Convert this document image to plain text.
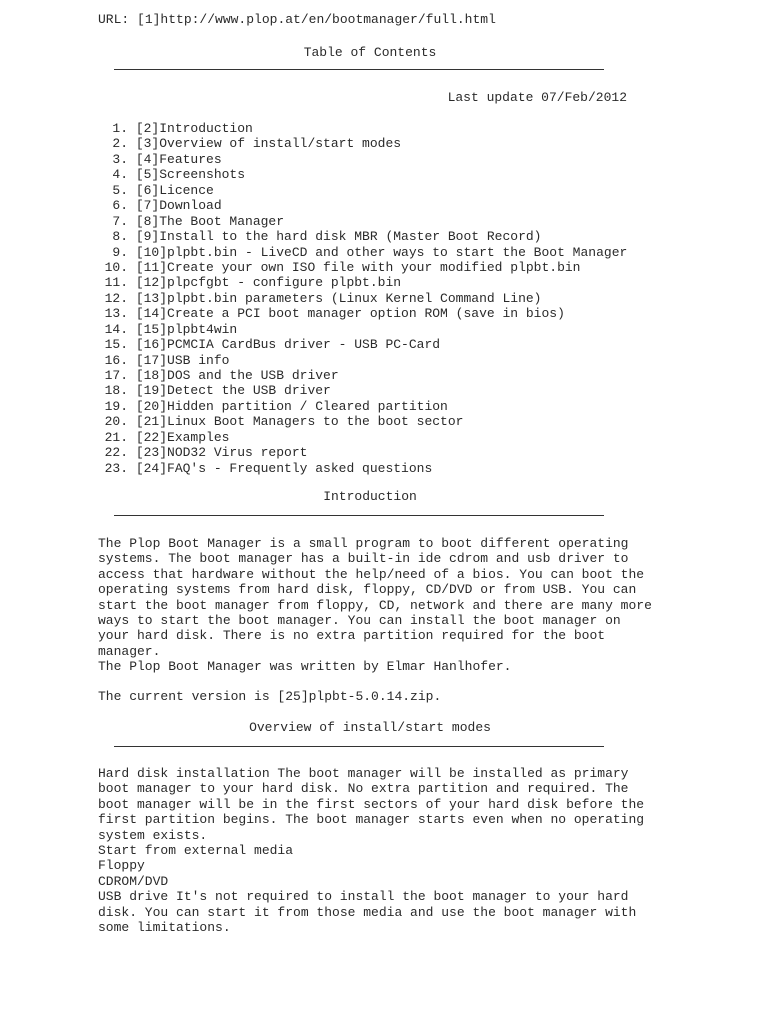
URL: [1]http://www.plop.at/en/bootmanager/full.html
Table of Contents
Last update 07/Feb/2012
1. [2]Introduction
2. [3]Overview of install/start modes
3. [4]Features
4. [5]Screenshots
5. [6]Licence
6. [7]Download
7. [8]The Boot Manager
8. [9]Install to the hard disk MBR (Master Boot Record)
9. [10]plpbt.bin - LiveCD and other ways to start the Boot Manager
10. [11]Create your own ISO file with your modified plpbt.bin
11. [12]plpcfgbt - configure plpbt.bin
12. [13]plpbt.bin parameters (Linux Kernel Command Line)
13. [14]Create a PCI boot manager option ROM (save in bios)
14. [15]plpbt4win
15. [16]PCMCIA CardBus driver - USB PC-Card
16. [17]USB info
17. [18]DOS and the USB driver
18. [19]Detect the USB driver
19. [20]Hidden partition / Cleared partition
20. [21]Linux Boot Managers to the boot sector
21. [22]Examples
22. [23]NOD32 Virus report
23. [24]FAQ's - Frequently asked questions
Introduction
The Plop Boot Manager is a small program to boot different operating
systems. The boot manager has a built-in ide cdrom and usb driver to
access that hardware without the help/need of a bios. You can boot the
operating systems from hard disk, floppy, CD/DVD or from USB. You can
start the boot manager from floppy, CD, network and there are many more
ways to start the boot manager. You can install the boot manager on
your hard disk. There is no extra partition required for the boot
manager.
The Plop Boot Manager was written by Elmar Hanlhofer.
The current version is [25]plpbt-5.0.14.zip.
Overview of install/start modes
Hard disk installation The boot manager will be installed as primary
boot manager to your hard disk. No extra partition and required. The
boot manager will be in the first sectors of your hard disk before the
first partition begins. The boot manager starts even when no operating
system exists.
Start from external media
Floppy
CDROM/DVD
USB drive It's not required to install the boot manager to your hard
disk. You can start it from those media and use the boot manager with
some limitations.
